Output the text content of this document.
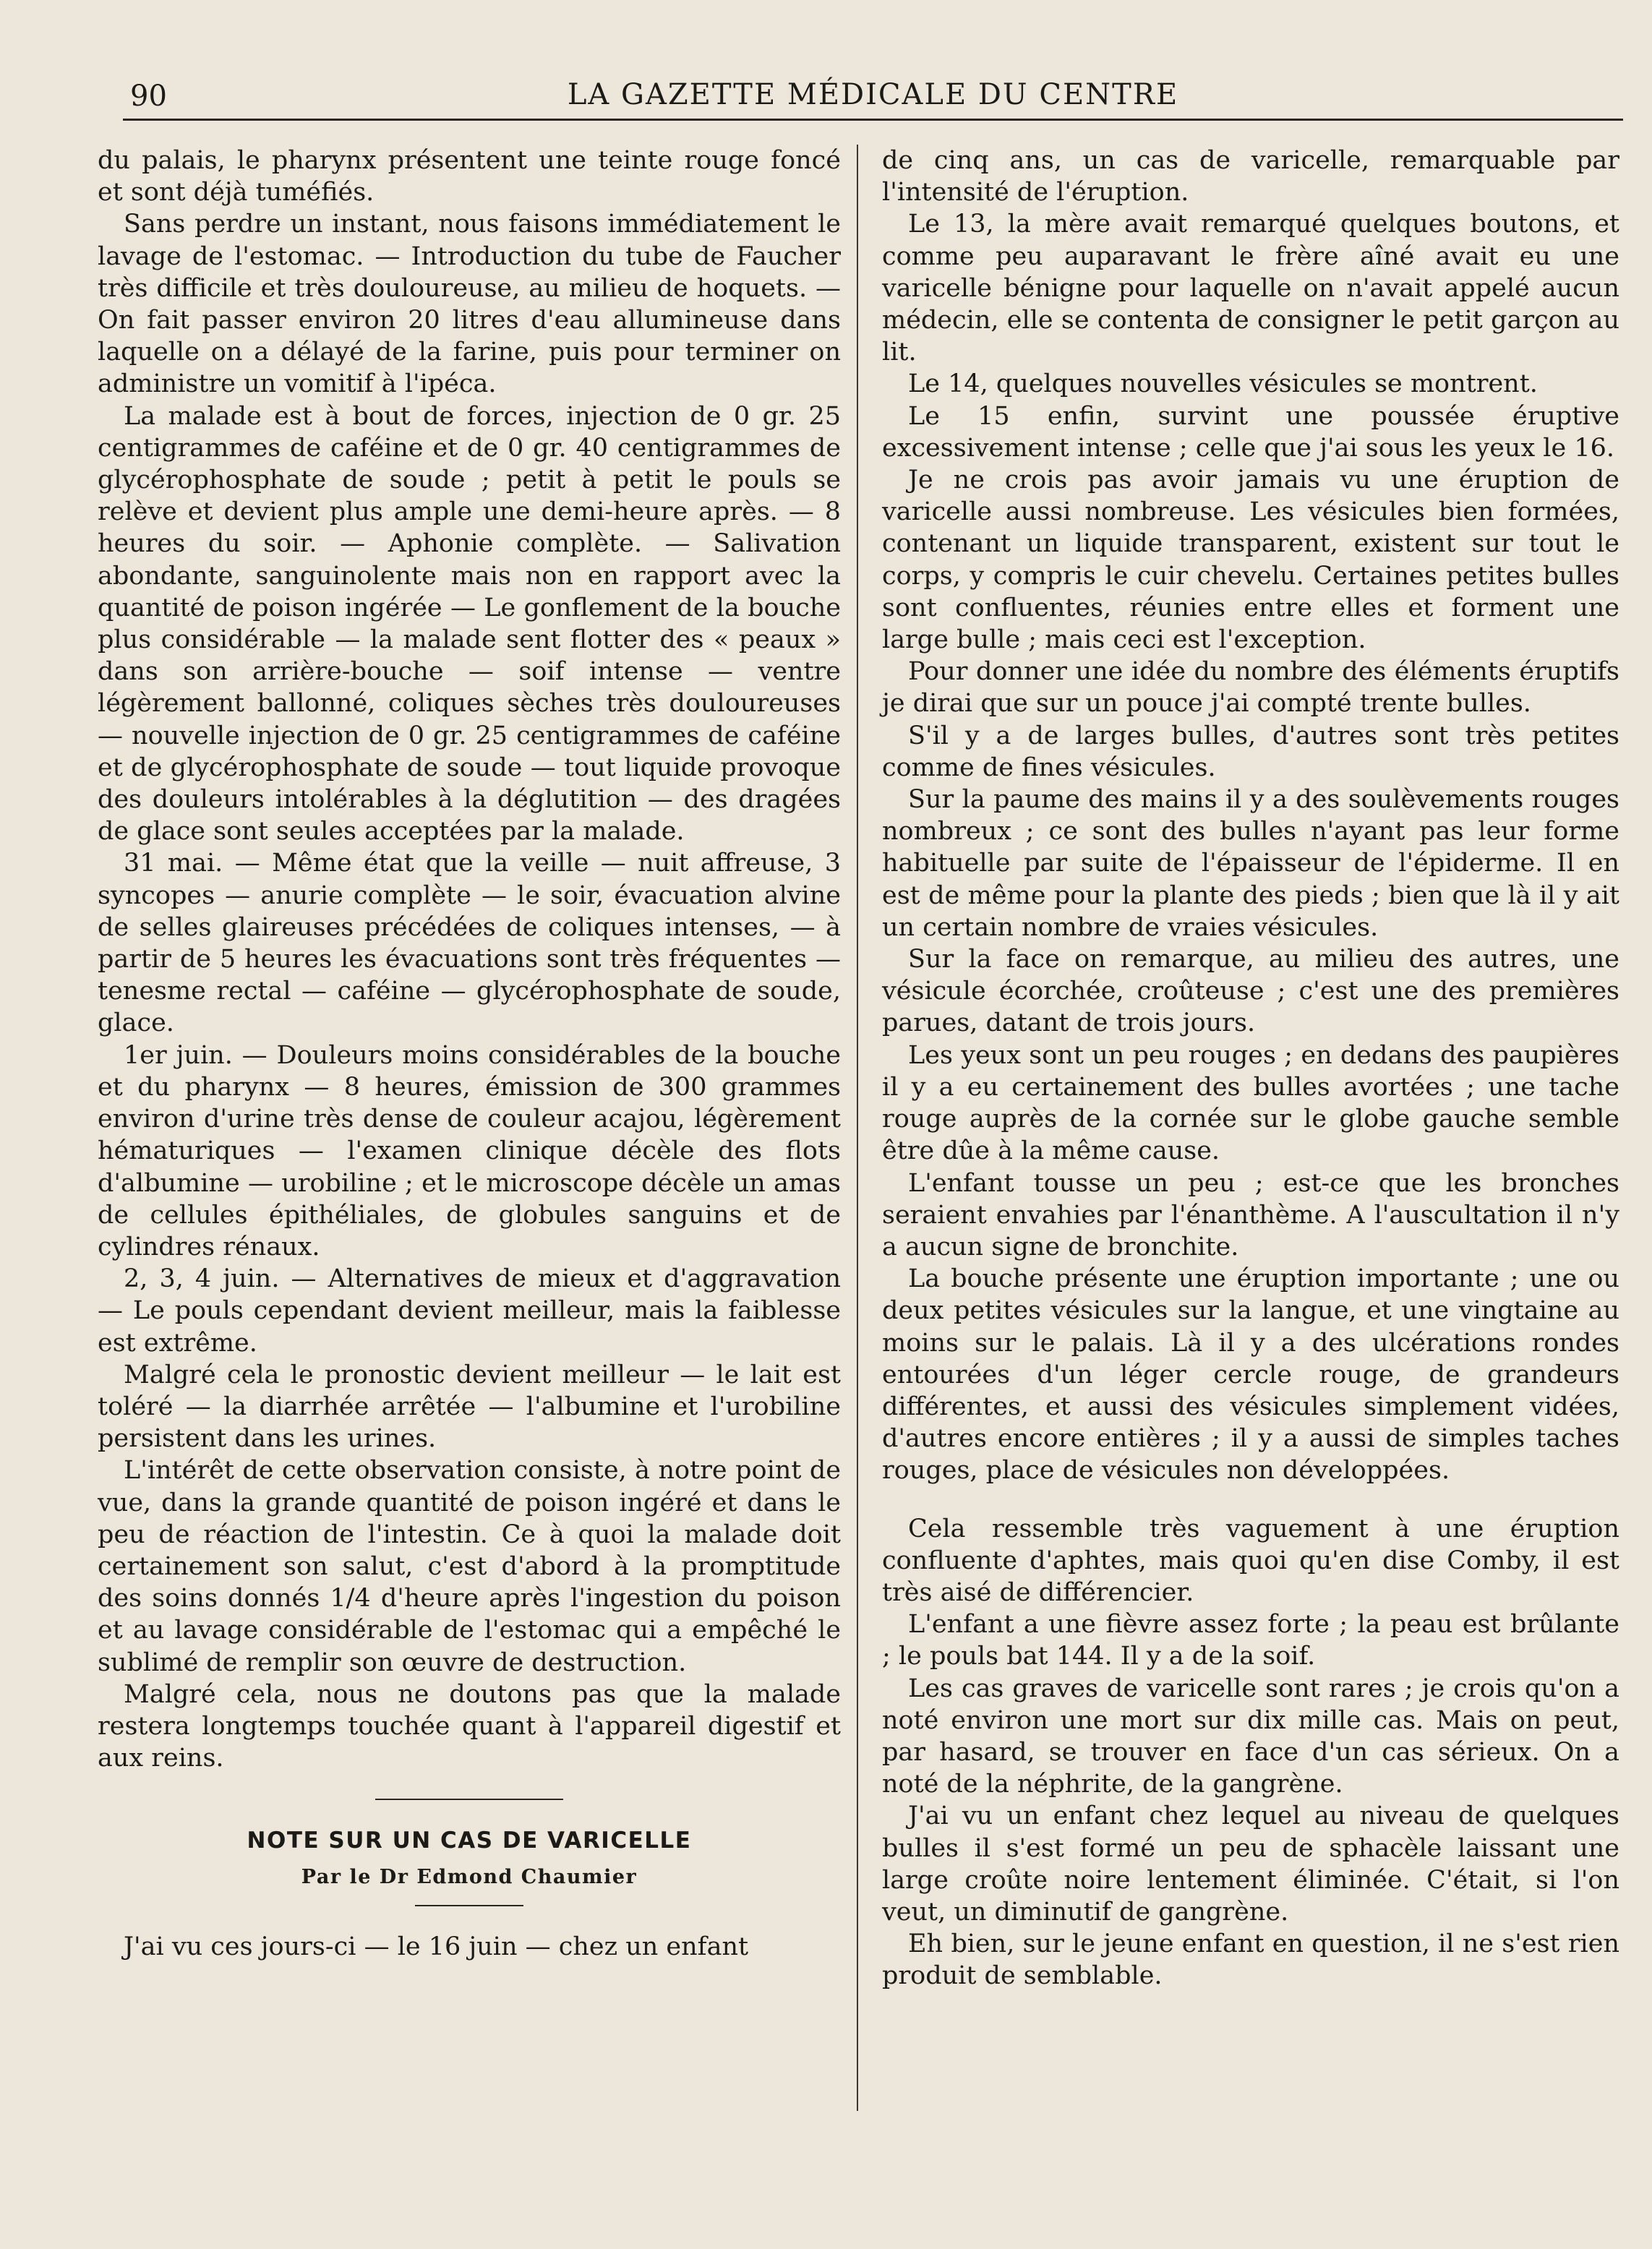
90	LA GAZETTE MÉDICALE DU CENTRE

du palais, le pharynx présentent une teinte rouge foncé et sont déjà tuméfiés.

Sans perdre un instant, nous faisons immédiatement le lavage de l'estomac. — Introduction du tube de Faucher très difficile et très douloureuse, au milieu de hoquets. — On fait passer environ 20 litres d'eau allumineuse dans laquelle on a délayé de la farine, puis pour terminer on administre un vomitif à l'ipéca.

La malade est à bout de forces, injection de 0 gr. 25 centigrammes de caféine et de 0 gr. 40 centigrammes de glycérophosphate de soude ; petit à petit le pouls se relève et devient plus ample une demi-heure après. — 8 heures du soir. — Aphonie complète. — Salivation abondante, sanguinolente mais non en rapport avec la quantité de poison ingérée — Le gonflement de la bouche plus considérable — la malade sent flotter des « peaux » dans son arrière-bouche — soif intense — ventre légèrement ballonné, coliques sèches très douloureuses — nouvelle injection de 0 gr. 25 centigrammes de caféine et de glycérophosphate de soude — tout liquide provoque des douleurs intolérables à la déglutition — des dragées de glace sont seules acceptées par la malade.

31 mai. — Même état que la veille — nuit affreuse, 3 syncopes — anurie complète — le soir, évacuation alvine de selles glaireuses précédées de coliques intenses, — à partir de 5 heures les évacuations sont très fréquentes — tenesme rectal — caféine — glycérophosphate de soude, glace.

1er juin. — Douleurs moins considérables de la bouche et du pharynx — 8 heures, émission de 300 grammes environ d'urine très dense de couleur acajou, légèrement hématuriques — l'examen clinique décèle des flots d'albumine — urobiline ; et le microscope décèle un amas de cellules épithéliales, de globules sanguins et de cylindres rénaux.

2, 3, 4 juin. — Alternatives de mieux et d'aggravation — Le pouls cependant devient meilleur, mais la faiblesse est extrême.

Malgré cela le pronostic devient meilleur — le lait est toléré — la diarrhée arrêtée — l'albumine et l'urobiline persistent dans les urines.

L'intérêt de cette observation consiste, à notre point de vue, dans la grande quantité de poison ingéré et dans le peu de réaction de l'intestin. Ce à quoi la malade doit certainement son salut, c'est d'abord à la promptitude des soins donnés 1/4 d'heure après l'ingestion du poison et au lavage considérable de l'estomac qui a empêché le sublimé de remplir son œuvre de destruction.

Malgré cela, nous ne doutons pas que la malade restera longtemps touchée quant à l'appareil digestif et aux reins.

NOTE SUR UN CAS DE VARICELLE
Par le Dr Edmond Chaumier

J'ai vu ces jours-ci — le 16 juin — chez un enfant

de cinq ans, un cas de varicelle, remarquable par l'intensité de l'éruption.

Le 13, la mère avait remarqué quelques boutons, et comme peu auparavant le frère aîné avait eu une varicelle bénigne pour laquelle on n'avait appelé aucun médecin, elle se contenta de consigner le petit garçon au lit.

Le 14, quelques nouvelles vésicules se montrent.

Le 15 enfin, survint une poussée éruptive excessivement intense ; celle que j'ai sous les yeux le 16.

Je ne crois pas avoir jamais vu une éruption de varicelle aussi nombreuse. Les vésicules bien formées, contenant un liquide transparent, existent sur tout le corps, y compris le cuir chevelu. Certaines petites bulles sont confluentes, réunies entre elles et forment une large bulle ; mais ceci est l'exception.

Pour donner une idée du nombre des éléments éruptifs je dirai que sur un pouce j'ai compté trente bulles.

S'il y a de larges bulles, d'autres sont très petites comme de fines vésicules.

Sur la paume des mains il y a des soulèvements rouges nombreux ; ce sont des bulles n'ayant pas leur forme habituelle par suite de l'épaisseur de l'épiderme. Il en est de même pour la plante des pieds ; bien que là il y ait un certain nombre de vraies vésicules.

Sur la face on remarque, au milieu des autres, une vésicule écorchée, croûteuse ; c'est une des premières parues, datant de trois jours.

Les yeux sont un peu rouges ; en dedans des paupières il y a eu certainement des bulles avortées ; une tache rouge auprès de la cornée sur le globe gauche semble être dûe à la même cause.

L'enfant tousse un peu ; est-ce que les bronches seraient envahies par l'énanthème. A l'auscultation il n'y a aucun signe de bronchite.

La bouche présente une éruption importante ; une ou deux petites vésicules sur la langue, et une vingtaine au moins sur le palais. Là il y a des ulcérations rondes entourées d'un léger cercle rouge, de grandeurs différentes, et aussi des vésicules simplement vidées, d'autres encore entières ; il y a aussi de simples taches rouges, place de vésicules non développées.

Cela ressemble très vaguement à une éruption confluente d'aphtes, mais quoi qu'en dise Comby, il est très aisé de différencier.

L'enfant a une fièvre assez forte ; la peau est brûlante ; le pouls bat 144. Il y a de la soif.

Les cas graves de varicelle sont rares ; je crois qu'on a noté environ une mort sur dix mille cas. Mais on peut, par hasard, se trouver en face d'un cas sérieux. On a noté de la néphrite, de la gangrène.

J'ai vu un enfant chez lequel au niveau de quelques bulles il s'est formé un peu de sphacèle laissant une large croûte noire lentement éliminée. C'était, si l'on veut, un diminutif de gangrène.

Eh bien, sur le jeune enfant en question, il ne s'est rien produit de semblable.
